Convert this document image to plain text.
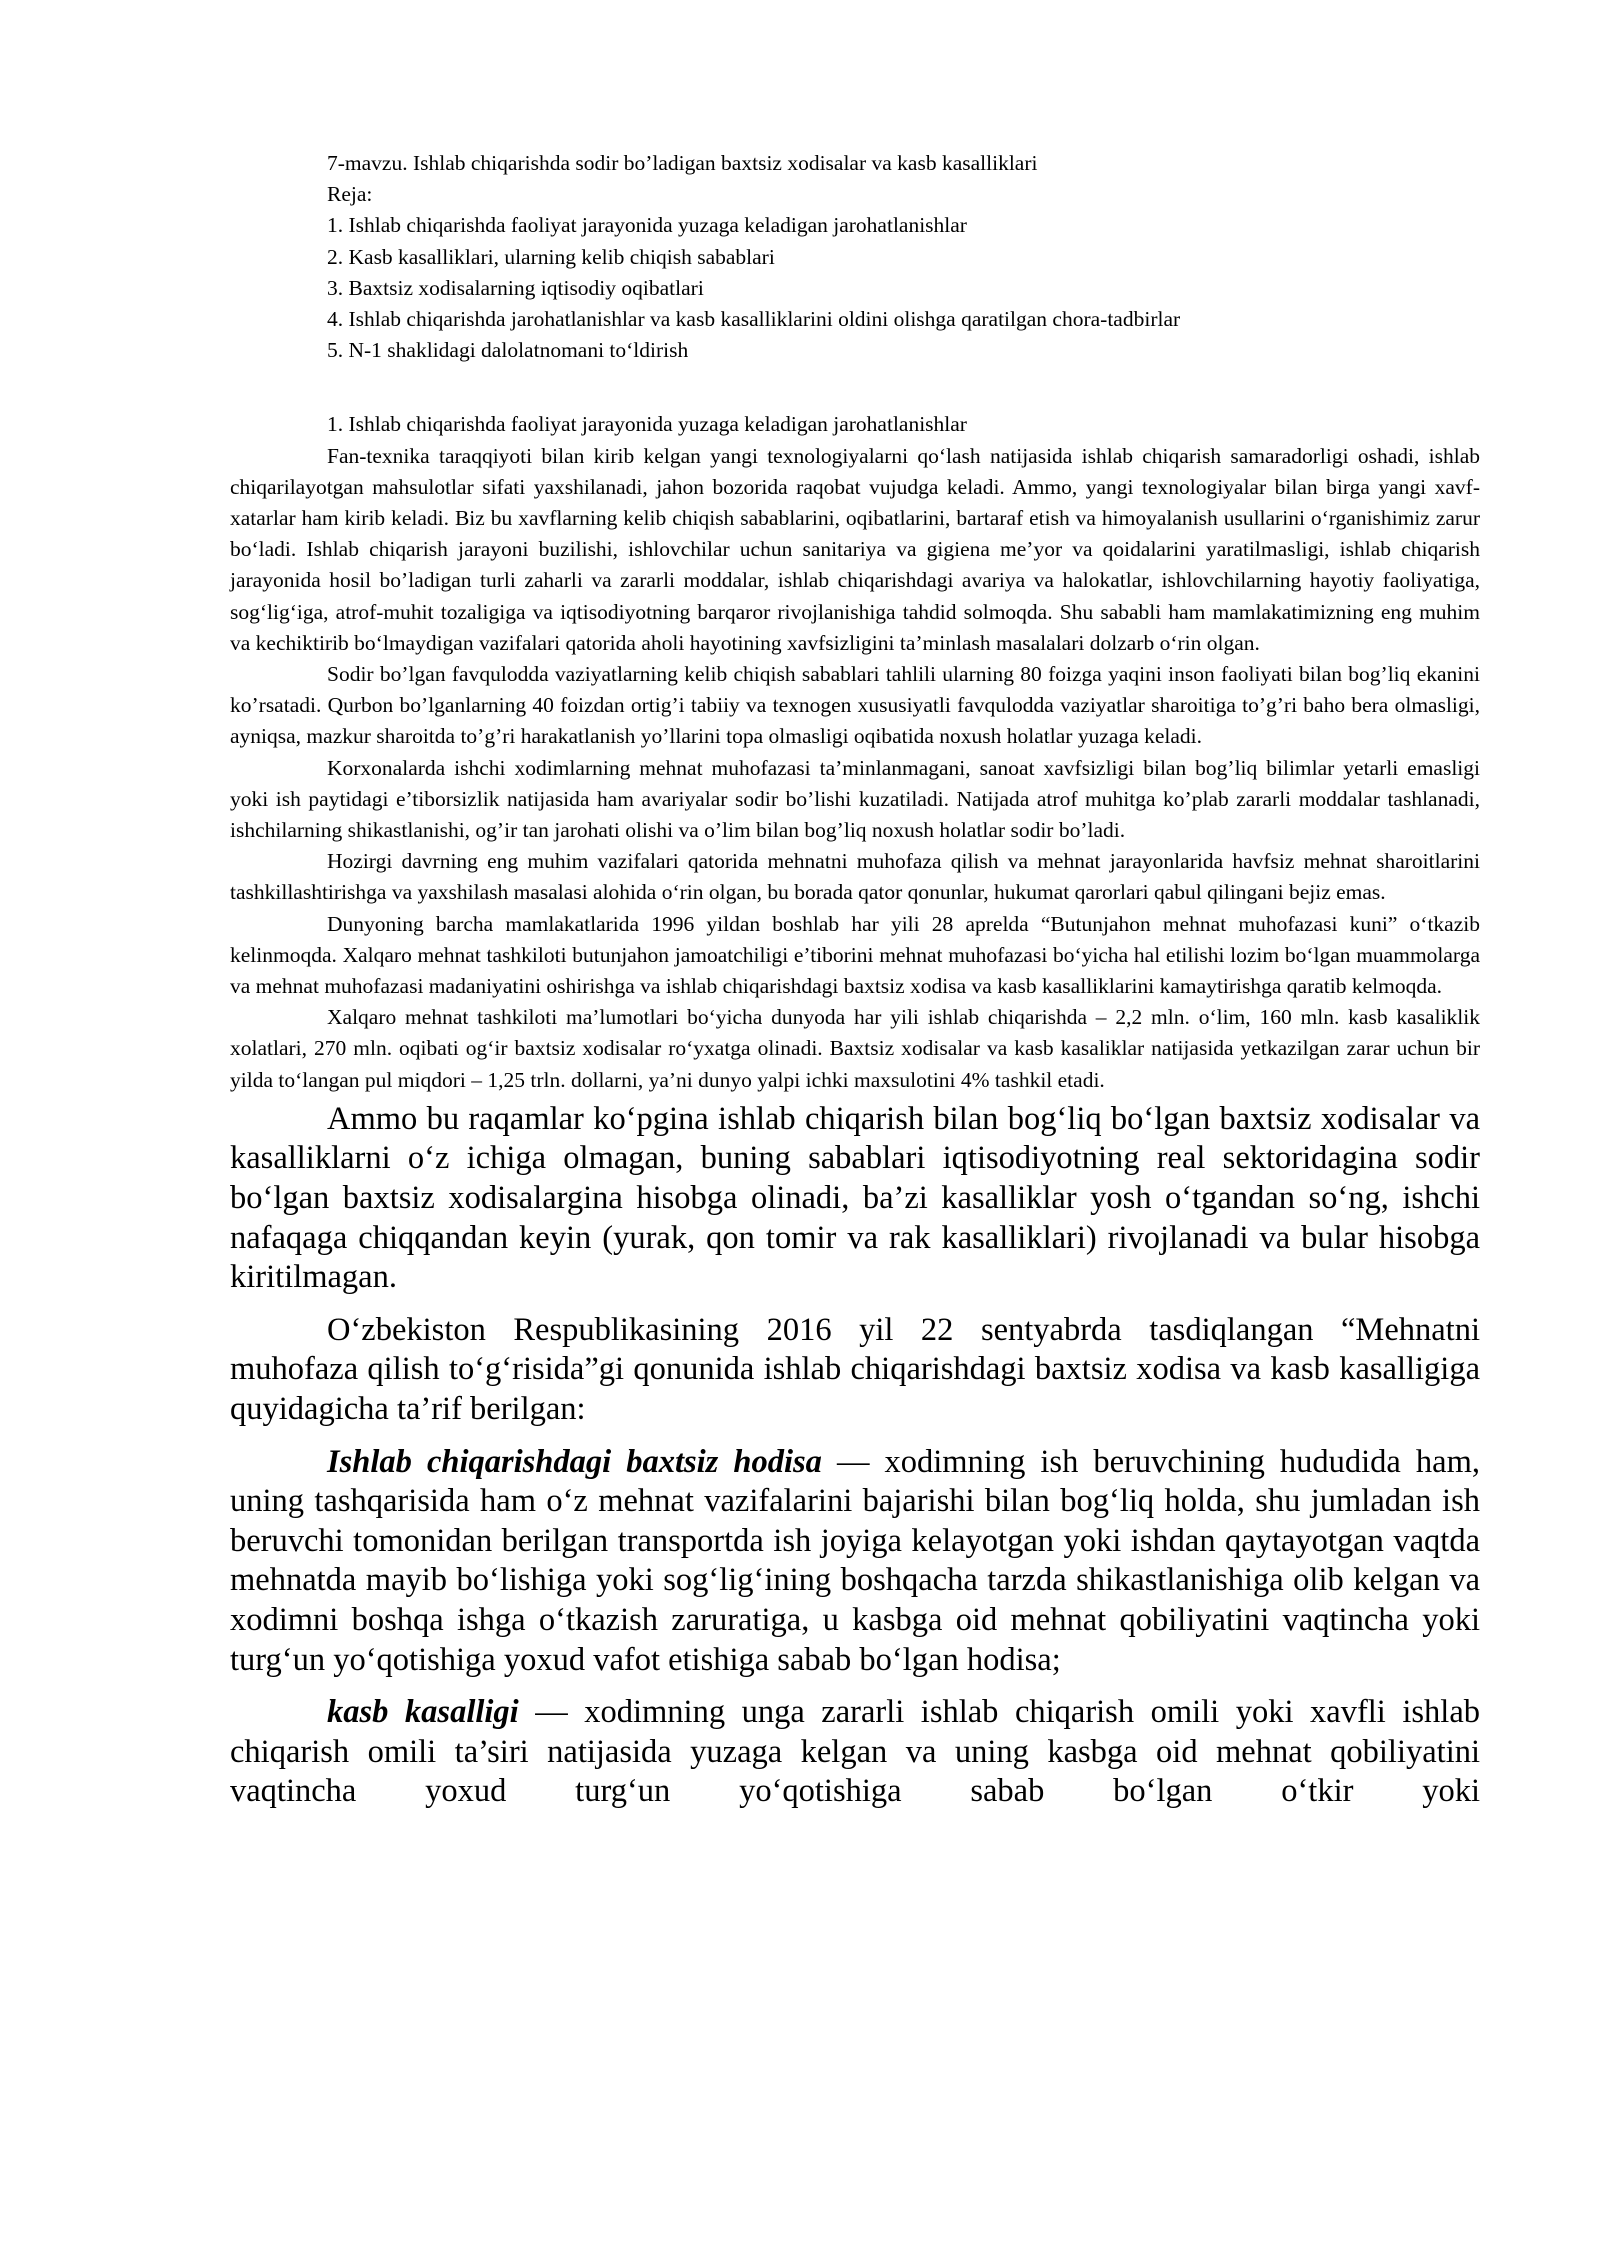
7-mavzu. Ishlab chiqarishda sodir bo’ladigan baxtsiz xodisalar va kasb kasalliklari
Reja:
1. Ishlab chiqarishda faoliyat jarayonida yuzaga keladigan jarohatlanishlar
2. Kasb kasalliklari, ularning kelib chiqish sabablari
3. Baxtsiz xodisalarning iqtisodiy oqibatlari
4. Ishlab chiqarishda jarohatlanishlar va kasb kasalliklarini oldini olishga qaratilgan chora-tadbirlar
5. N-1 shaklidagi dalolatnomani to‘ldirish
1. Ishlab chiqarishda faoliyat jarayonida yuzaga keladigan jarohatlanishlar

Fan-texnika taraqqiyoti bilan kirib kelgan yangi texnologiyalarni qo‘lash natijasida ishlab chiqarish samaradorligi oshadi, ishlab chiqarilayotgan mahsulotlar sifati yaxshilanadi, jahon bozorida raqobat vujudga keladi. Ammo, yangi texnologiyalar bilan birga yangi xavf-xatarlar ham kirib keladi. Biz bu xavflarning kelib chiqish sabablarini, oqibatlarini, bartaraf etish va himoyalanish usullarini o‘rganishimiz zarur bo‘ladi. Ishlab chiqarish jarayoni buzilishi, ishlovchilar uchun sanitariya va gigiena me’yor va qoidalarini yaratilmasligi, ishlab chiqarish jarayonida hosil bo’ladigan turli zaharli va zararli moddalar, ishlab chiqarishdagi avariya va halokatlar, ishlovchilarning hayotiy faoliyatiga, sog‘lig‘iga, atrof-muhit tozaligiga va iqtisodiyotning barqaror rivojlanishiga tahdid solmoqda. Shu sababli ham mamlakatimizning eng muhim va kechiktirib bo‘lmaydigan vazifalari qatorida aholi hayotining xavfsizligini ta’minlash masalalari dolzarb o‘rin olgan.

Sodir bo’lgan favqulodda vaziyatlarning kelib chiqish sabablari tahlili ularning 80 foizga yaqini inson faoliyati bilan bog’liq ekanini ko’rsatadi. Qurbon bo’lganlarning 40 foizdan ortig’i tabiiy va texnogen xususiyatli favqulodda vaziyatlar sharoitiga to’g’ri baho bera olmasligi, ayniqsa, mazkur sharoitda to’g’ri harakatlanish yo’llarini topa olmasligi oqibatida noxush holatlar yuzaga keladi.

Korxonalarda ishchi xodimlarning mehnat muhofazasi ta’minlanmagani, sanoat xavfsizligi bilan bog’liq bilimlar yetarli emasligi yoki ish paytidagi e’tiborsizlik natijasida ham avariyalar sodir bo’lishi kuzatiladi. Natijada atrof muhitga ko’plab zararli moddalar tashlanadi, ishchilarning shikastlanishi, og’ir tan jarohati olishi va o’lim bilan bog’liq noxush holatlar sodir bo’ladi.

Hozirgi davrning eng muhim vazifalari qatorida mehnatni muhofaza qilish va mehnat jarayonlarida havfsiz mehnat sharoitlarini tashkillashtirishga va yaxshilash masalasi alohida o‘rin olgan, bu borada qator qonunlar, hukumat qarorlari qabul qilingani bejiz emas.

Dunyoning barcha mamlakatlarida 1996 yildan boshlab har yili 28 aprelda “Butunjahon mehnat muhofazasi kuni” o‘tkazib kelinmoqda. Xalqaro mehnat tashkiloti butunjahon jamoatchiligi e’tiborini mehnat muhofazasi bo‘yicha hal etilishi lozim bo‘lgan muammolarga va mehnat muhofazasi madaniyatini oshirishga va ishlab chiqarishdagi baxtsiz xodisa va kasb kasalliklarini kamaytirishga qaratib kelmoqda.

Xalqaro mehnat tashkiloti ma’lumotlari bo‘yicha dunyoda har yili ishlab chiqarishda – 2,2 mln. o‘lim, 160 mln. kasb kasaliklik xolatlari, 270 mln. oqibati og‘ir baxtsiz xodisalar ro‘yxatga olinadi. Baxtsiz xodisalar va kasb kasaliklar natijasida yetkazilgan zarar uchun bir yilda to‘langan pul miqdori – 1,25 trln. dollarni, ya’ni dunyo yalpi ichki maxsulotini 4% tashkil etadi.

Ammo bu raqamlar ko‘pgina ishlab chiqarish bilan bog‘liq bo‘lgan baxtsiz xodisalar va kasalliklarni o‘z ichiga olmagan, buning sabablari iqtisodiyotning real sektoridagina sodir bo‘lgan baxtsiz xodisalargina hisobga olinadi, ba’zi kasalliklar yosh o‘tgandan so‘ng, ishchi nafaqaga chiqqandan keyin (yurak, qon tomir va rak kasalliklari) rivojlanadi va bular hisobga kiritilmagan.

O‘zbekiston Respublikasining 2016 yil 22 sentyabrda tasdiqlangan “Mehnatni muhofaza qilish to‘g‘risida”gi qonunida ishlab chiqarishdagi baxtsiz xodisa va kasb kasalligiga quyidagicha ta’rif berilgan:

Ishlab chiqarishdagi baxtsiz hodisa — xodimning ish beruvchining hududida ham, uning tashqarisida ham o‘z mehnat vazifalarini bajarishi bilan bog‘liq holda, shu jumladan ish beruvchi tomonidan berilgan transportda ish joyiga kelayotgan yoki ishdan qaytayotgan vaqtda mehnatda mayib bo‘lishiga yoki sog‘lig‘ining boshqacha tarzda shikastlanishiga olib kelgan va xodimni boshqa ishga o‘tkazish zaruratiga, u kasbga oid mehnat qobiliyatini vaqtincha yoki turg‘un yo‘qotishiga yoxud vafot etishiga sabab bo‘lgan hodisa;

kasb kasalligi — xodimning unga zararli ishlab chiqarish omili yoki xavfli ishlab chiqarish omili ta’siri natijasida yuzaga kelgan va uning kasbga oid mehnat qobiliyatini vaqtincha yoxud turg‘un yo‘qotishiga sabab bo‘lgan o‘tkir yoki
